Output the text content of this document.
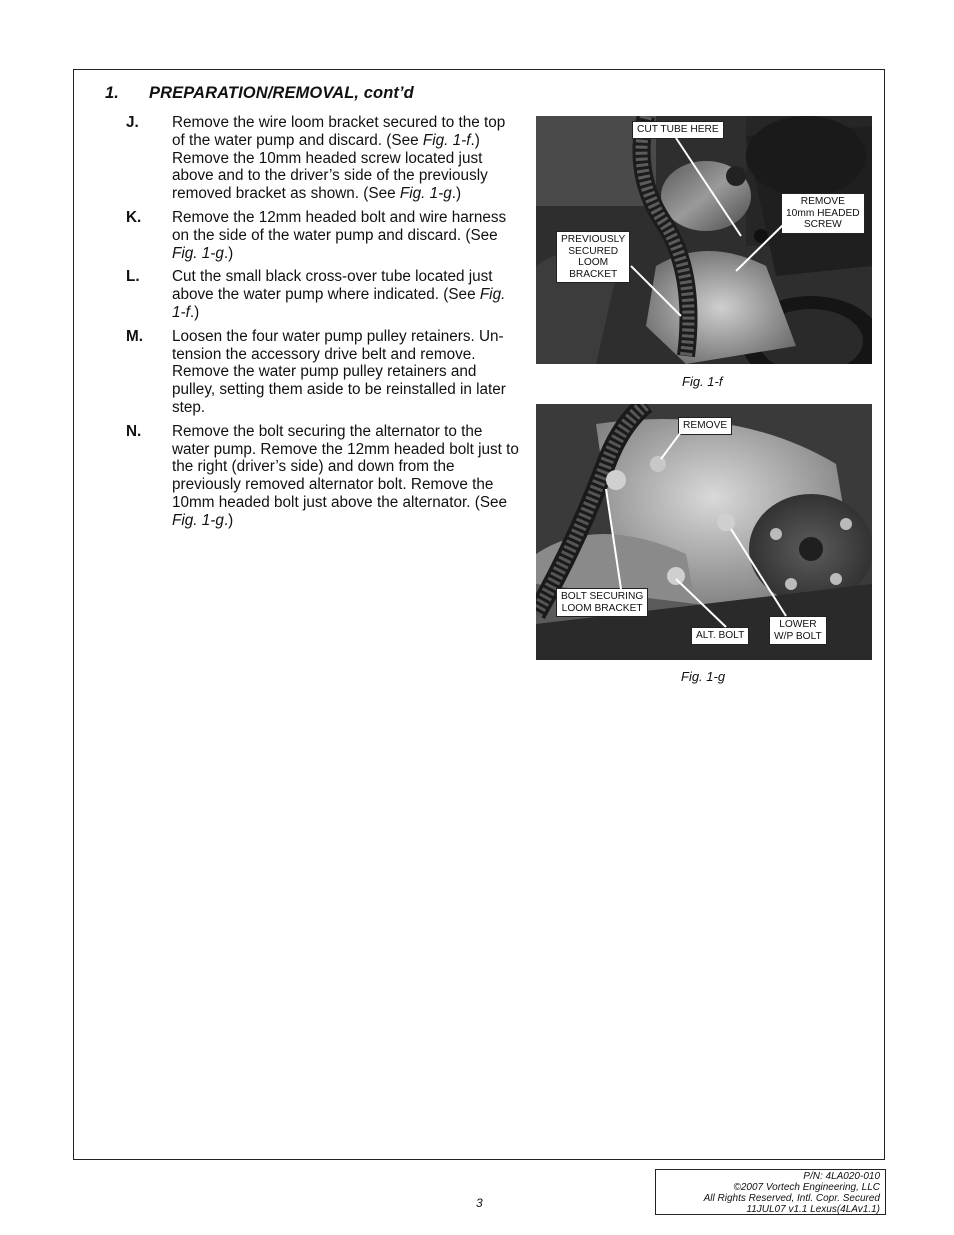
1. PREPARATION/REMOVAL, cont’d
J. Remove the wire loom bracket secured to the top of the water pump and discard. (See Fig. 1-f.) Remove the 10mm headed screw located just above and to the driver’s side of the previously removed bracket as shown. (See Fig. 1-g.)
K. Remove the 12mm headed bolt and wire harness on the side of the water pump and discard. (See Fig. 1-g.)
L. Cut the small black cross-over tube located just above the water pump where indicated. (See Fig. 1-f.)
M. Loosen the four water pump pulley retainers. Un-tension the accessory drive belt and remove. Remove the water pump pulley retainers and pulley, setting them aside to be reinstalled in later step.
N. Remove the bolt securing the alternator to the water pump. Remove the 12mm headed bolt just to the right (driver’s side) and down from the previously removed alternator bolt. Remove the 10mm headed bolt just above the alternator. (See Fig. 1-g.)
CUT TUBE HERE
REMOVE
10mm HEADED
SCREW
PREVIOUSLY
SECURED
LOOM
BRACKET
Fig. 1-f
REMOVE
BOLT SECURING
LOOM BRACKET
ALT. BOLT
LOWER
W/P BOLT
Fig. 1-g
3
P/N: 4LA020-010
©2007 Vortech Engineering, LLC
All Rights Reserved, Intl. Copr. Secured
11JUL07 v1.1 Lexus(4LAv1.1)
